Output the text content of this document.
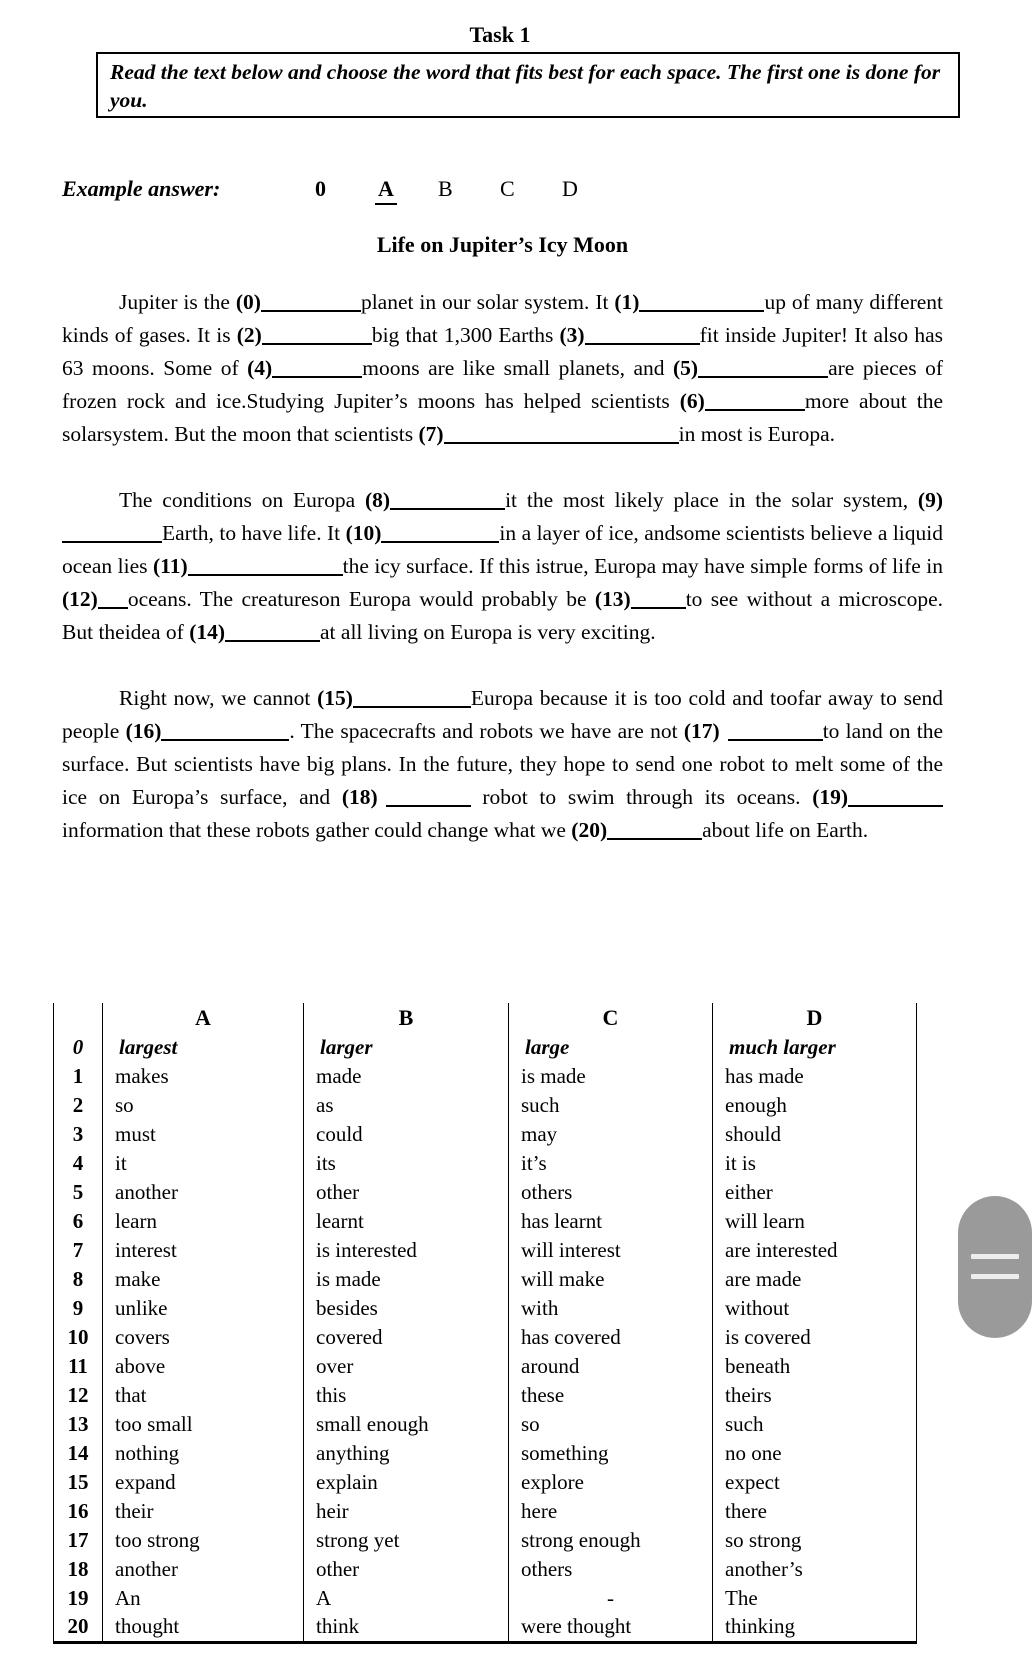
Task 1
Read the text below and choose the word that fits best for each space. The first one is done for you.
Example answer:	0 A B C D
Life on Jupiter’s Icy Moon

Jupiter is the (0)	planet in our solar system. It (1)	up of many different kinds of gases. It is (2)	big that 1,300 Earths (3)	fit inside Jupiter! It also has 63 moons. Some of (4)	moons are like small planets, and (5)	are pieces of frozen rock and ice.Studying Jupiter’s moons has helped scientists (6)	more about the solarsystem. But the moon that scientists (7)	in most is Europa.

The conditions on Europa (8)	it the most likely place in the solar system, (9)Earth, to have life. It (10)	in a layer of ice, andsome scientists believe a liquid ocean lies (11)	the icy surface. If this istrue, Europa may have simple forms of life in (12) oceans. The creatureson Europa would probably be (13)	to see without a microscope. But theidea of (14)	at all living on Europa is very exciting.

Right now, we cannot (15)	Europa because it is too cold and toofar away to send people (16)	. The spacecrafts and robots we have are not (17)	to land on the surface. But scientists have big plans. In the future, they hope to send one robot to melt some of the ice on Europa’s surface, and (18)	robot to swim through its oceans. (19)information that these robots gather could change what we (20)	about life on Earth.

	A	B	C	D
0	largest	larger	large	much larger
1	makes	made	is made	has made
2	so	as	such	enough
3	must	could	may	should
4	it	its	it’s	it is
5	another	other	others	either
6	learn	learnt	has learnt	will learn
7	interest	is interested	will interest	are interested
8	make	is made	will make	are made
9	unlike	besides	with	without
10	covers	covered	has covered	is covered
11	above	over	around	beneath
12	that	this	these	theirs
13	too small	small enough	so	such
14	nothing	anything	something	no one
15	expand	explain	explore	expect
16	their	heir	here	there
17	too strong	strong yet	strong enough	so strong
18	another	other	others	another’s
19	An	A	-	The
20	thought	think	were thought	thinking
